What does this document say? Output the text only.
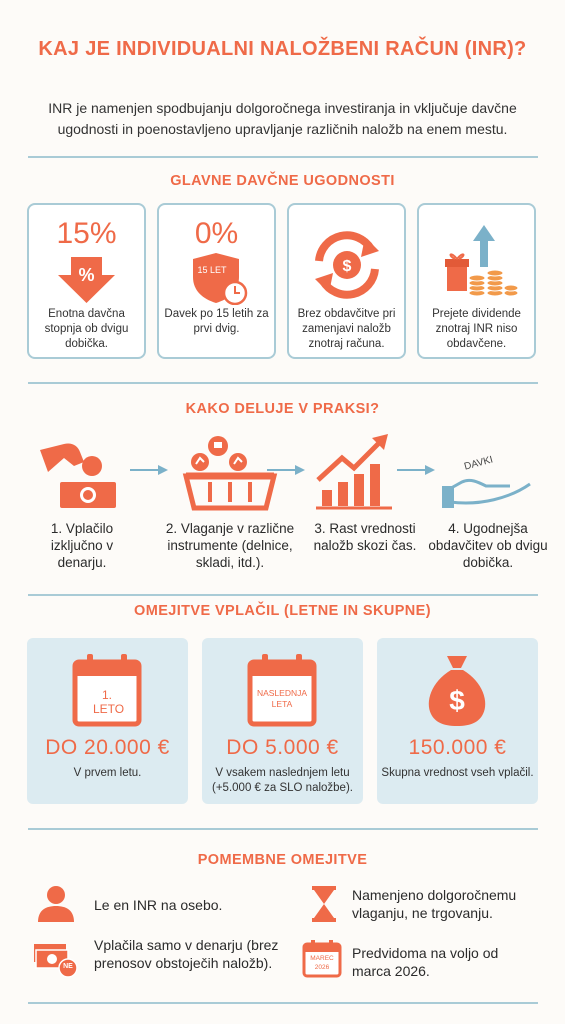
KAJ JE INDIVIDUALNI NALOŽBENI RAČUN (INR)?
INR je namenjen spodbujanju dolgoročnega investiranja in vključuje davčne ugodnosti in poenostavljeno upravljanje različnih naložb na enem mestu.
GLAVNE DAVČNE UGODNOSTI
15%
%
Enotna davčna stopnja ob dvigu dobička.
0%
15 LET
Davek po 15 letih za prvi dvig.
$
Brez obdavčitve pri zamenjavi naložb znotraj računa.
Prejete dividende znotraj INR niso obdavčene.
KAKO DELUJE V PRAKSI?
1. Vplačilo izključno v denarju.
2. Vlaganje v različne instrumente (delnice, skladi, itd.).
3. Rast vrednosti naložb skozi čas.
DAVKI
4. Ugodnejša obdavčitev ob dvigu dobička.
OMEJITVE VPLAČIL (LETNE IN SKUPNE)
1. LETO
DO 20.000 €
V prvem letu.
NASLEDNJA LETA
DO 5.000 €
V vsakem naslednjem letu (+5.000 € za SLO naložbe).
$
150.000 €
Skupna vrednost vseh vplačil.
POMEMBNE OMEJITVE
Le en INR na osebo.
Namenjeno dolgoročnemu vlaganju, ne trgovanju.
NE
Vplačila samo v denarju (brez prenosov obstoječih naložb).	MAREC 2026
Predvidoma na voljo od marca 2026.
